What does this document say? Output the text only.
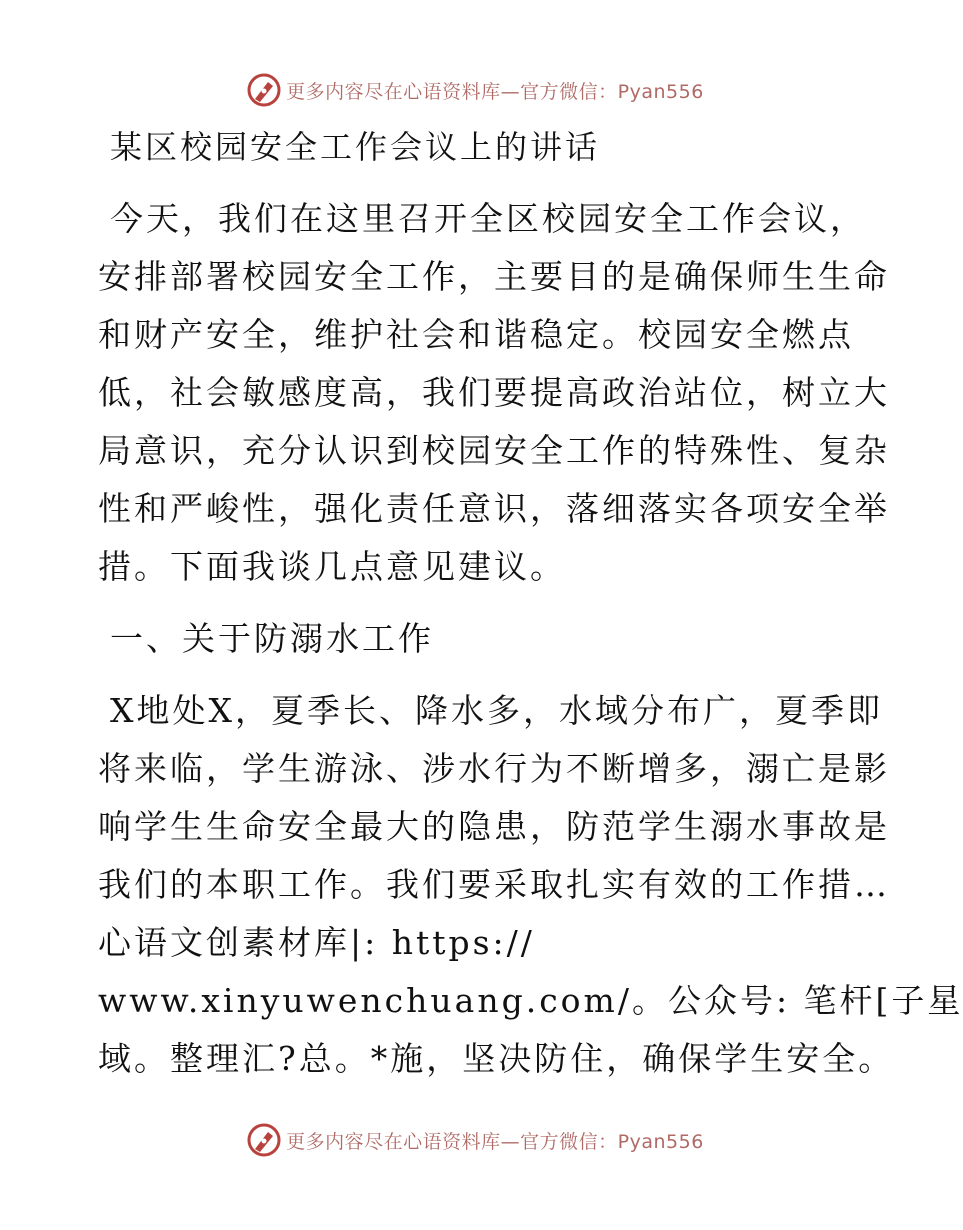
更多内容尽在心语资料库—官方微信：Pyan556
某区校园安全工作会议上的讲话
今天，我们在这里召开全区校园安全工作会议，
安排部署校园安全工作，主要目的是确保师生生命
和财产安全，维护社会和谐稳定。校园安全燃点
低，社会敏感度高，我们要提高政治站位，树立大
局意识，充分认识到校园安全工作的特殊性、复杂
性和严峻性，强化责任意识，落细落实各项安全举
措。下面我谈几点意见建议。
一、关于防溺水工作
X地处X，夏季长、降水多，水域分布广，夏季即
将来临，学生游泳、涉水行为不断增多，溺亡是影
响学生生命安全最大的隐患，防范学生溺水事故是
我们的本职工作。我们要采取扎实有效的工作措…
心语文创素材库|: https://
www.xinyuwenchuang.com/。公众号: 笔杆[子星
域。整理汇?总。*施，坚决防住，确保学生安全。
更多内容尽在心语资料库—官方微信：Pyan556
